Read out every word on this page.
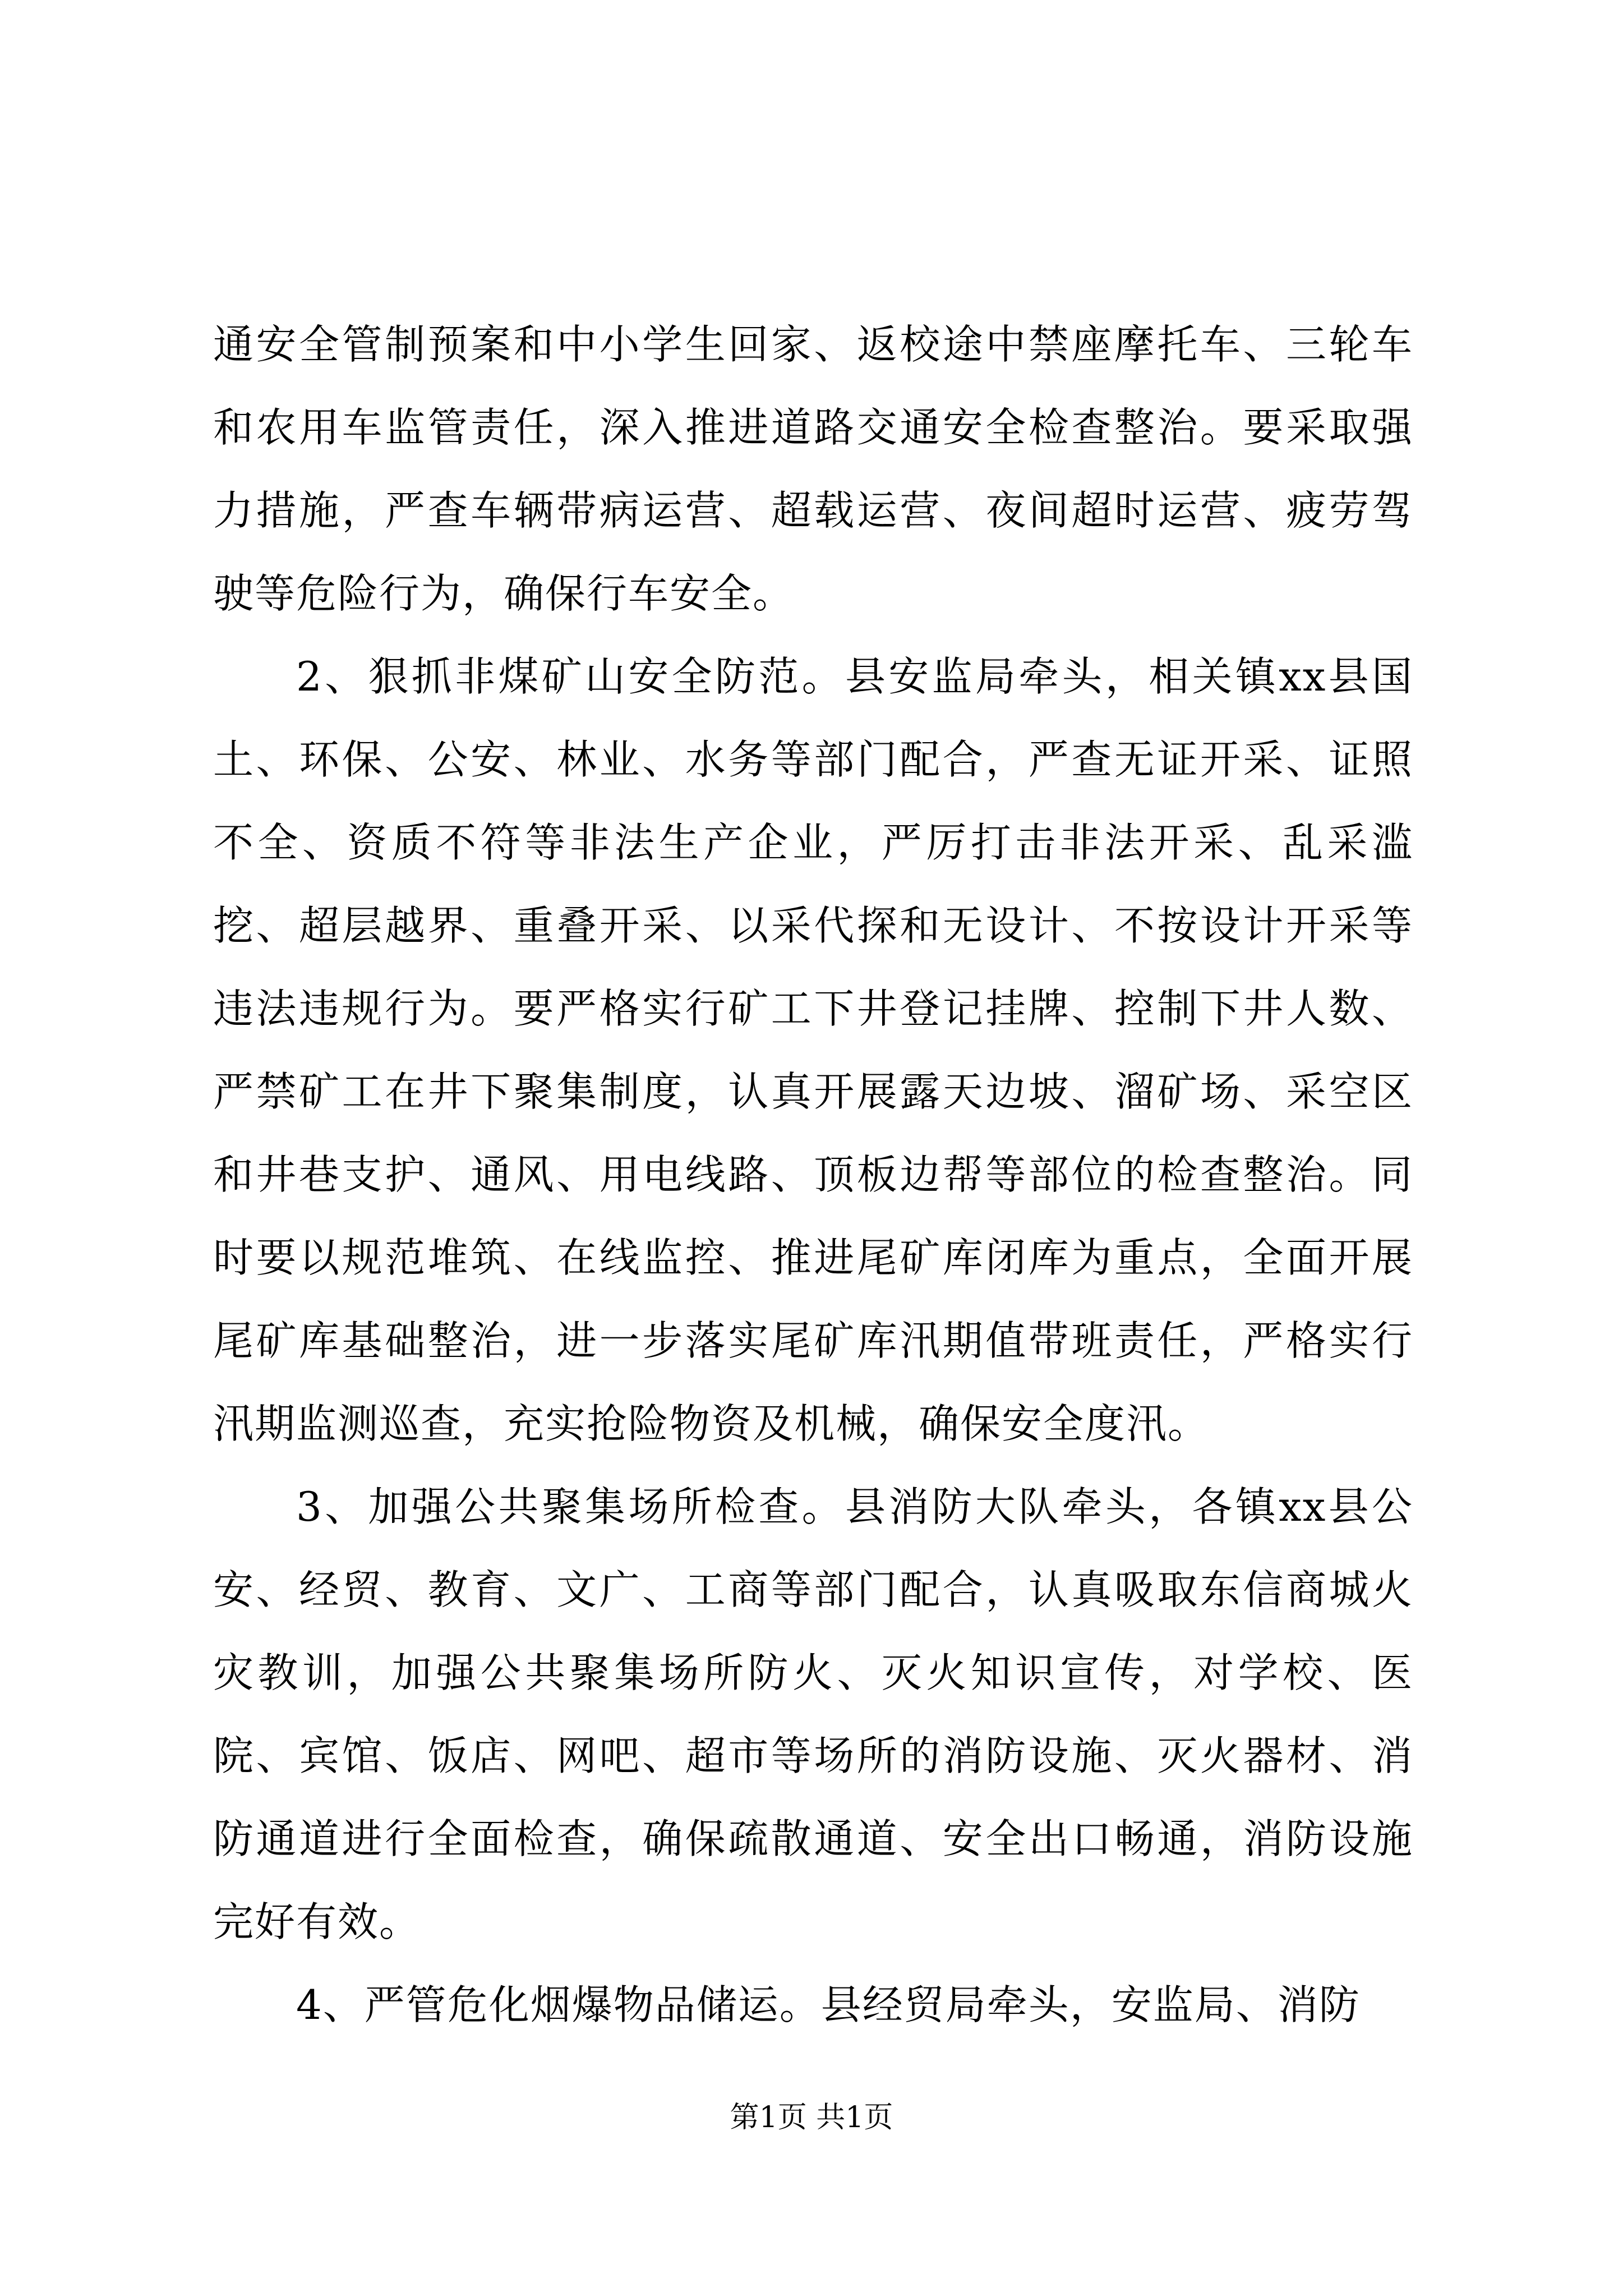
通安全管制预案和中小学生回家、返校途中禁座摩托车、三轮车和农用车监管责任，深入推进道路交通安全检查整治。要采取强力措施，严查车辆带病运营、超载运营、夜间超时运营、疲劳驾驶等危险行为，确保行车安全。

2、狠抓非煤矿山安全防范。县安监局牵头，相关镇xx县国土、环保、公安、林业、水务等部门配合，严查无证开采、证照不全、资质不符等非法生产企业，严厉打击非法开采、乱采滥挖、超层越界、重叠开采、以采代探和无设计、不按设计开采等违法违规行为。要严格实行矿工下井登记挂牌、控制下井人数、严禁矿工在井下聚集制度，认真开展露天边坡、溜矿场、采空区和井巷支护、通风、用电线路、顶板边帮等部位的检查整治。同时要以规范堆筑、在线监控、推进尾矿库闭库为重点，全面开展尾矿库基础整治，进一步落实尾矿库汛期值带班责任，严格实行汛期监测巡查，充实抢险物资及机械，确保安全度汛。

3、加强公共聚集场所检查。县消防大队牵头，各镇xx县公安、经贸、教育、文广、工商等部门配合，认真吸取东信商城火灾教训，加强公共聚集场所防火、灭火知识宣传，对学校、医院、宾馆、饭店、网吧、超市等场所的消防设施、灭火器材、消防通道进行全面检查，确保疏散通道、安全出口畅通，消防设施完好有效。

4、严管危化烟爆物品储运。县经贸局牵头，安监局、消防

第1页 共1页
